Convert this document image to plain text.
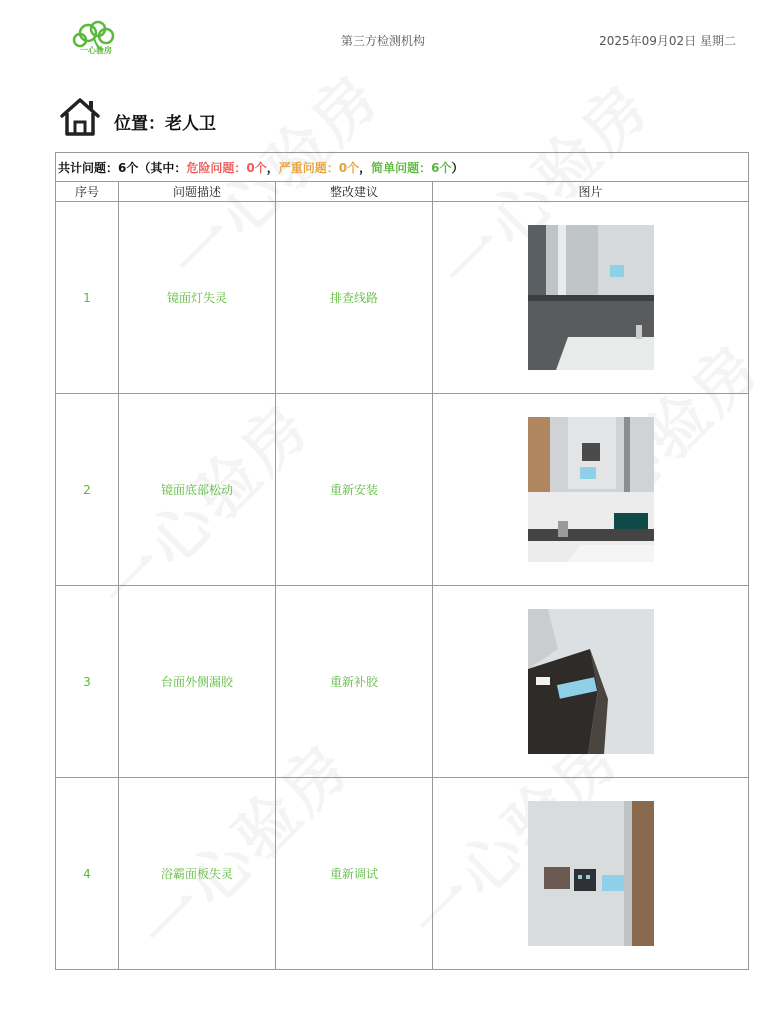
一心验房
第三方检测机构	2025年09月02日 星期二
位置：老人卫
共计问题：6个（其中：危险问题：0个，严重问题：0个，简单问题：6个）			
序号	问题描述	整改建议	图片
1	镜面灯失灵	排查线路	

2	镜面底部松动	重新安装	

3	台面外侧漏胶	重新补胶	

4	浴霸面板失灵	重新调试	
